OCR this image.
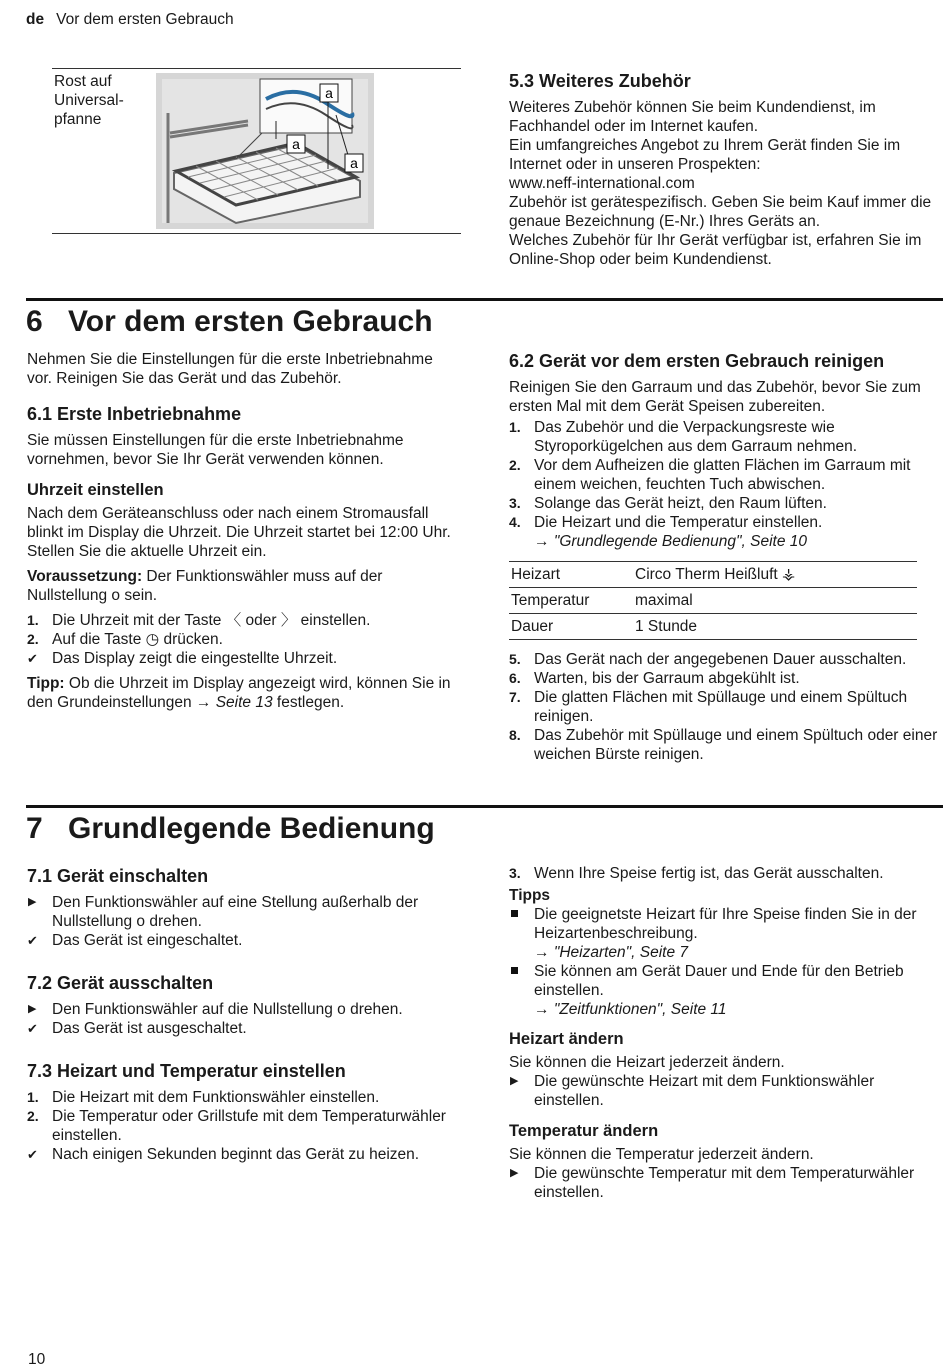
de Vor dem ersten Gebrauch
Rost auf Universal-pfanne
a
a
a
5.3 Weiteres Zubehör
Weiteres Zubehör können Sie beim Kundendienst, im Fachhandel oder im Internet kaufen.
Ein umfangreiches Angebot zu Ihrem Gerät finden Sie im Internet oder in unseren Prospekten:
www.neff-international.com
Zubehör ist gerätespezifisch. Geben Sie beim Kauf immer die genaue Bezeichnung (E-Nr.) Ihres Geräts an.
Welches Zubehör für Ihr Gerät verfügbar ist, erfahren Sie im Online-Shop oder beim Kundendienst.
6 Vor dem ersten Gebrauch

Nehmen Sie die Einstellungen für die erste Inbetriebnahme vor. Reinigen Sie das Gerät und das Zubehör.

6.1 Erste Inbetriebnahme

Sie müssen Einstellungen für die erste Inbetriebnahme vornehmen, bevor Sie Ihr Gerät verwenden können.

Uhrzeit einstellen

Nach dem Geräteanschluss oder nach einem Stromausfall blinkt im Display die Uhrzeit. Die Uhrzeit startet bei 12:00 Uhr. Stellen Sie die aktuelle Uhrzeit ein.

Voraussetzung: Der Funktionswähler muss auf der Nullstellung o sein.

1. Die Uhrzeit mit der Taste 〈 oder 〉 einstellen.
2. Auf die Taste ◷ drücken.
✔ Das Display zeigt die eingestellte Uhrzeit.

Tipp: Ob die Uhrzeit im Display angezeigt wird, können Sie in den Grundeinstellungen → Seite 13 festlegen.

6.2 Gerät vor dem ersten Gebrauch reinigen

Reinigen Sie den Garraum und das Zubehör, bevor Sie zum ersten Mal mit dem Gerät Speisen zubereiten.

1. Das Zubehör und die Verpackungsreste wie Styroporkügelchen aus dem Garraum nehmen.
2. Vor dem Aufheizen die glatten Flächen im Garraum mit einem weichen, feuchten Tuch abwischen.
3. Solange das Gerät heizt, den Raum lüften.
4. Die Heizart und die Temperatur einstellen.
→ "Grundlegende Bedienung", Seite 10
Heizart	Circo Therm Heißluft ⚶
Temperatur	maximal
Dauer	1 Stunde
5. Das Gerät nach der angegebenen Dauer ausschalten.
6. Warten, bis der Garraum abgekühlt ist.
7. Die glatten Flächen mit Spüllauge und einem Spültuch reinigen.
8. Das Zubehör mit Spüllauge und einem Spültuch oder einer weichen Bürste reinigen.
7 Grundlegende Bedienung
7.1 Gerät einschalten
▶ Den Funktionswähler auf eine Stellung außerhalb der Nullstellung o drehen.
✔ Das Gerät ist eingeschaltet.
7.2 Gerät ausschalten
▶ Den Funktionswähler auf die Nullstellung o drehen.
✔ Das Gerät ist ausgeschaltet.
7.3 Heizart und Temperatur einstellen
1. Die Heizart mit dem Funktionswähler einstellen.
2. Die Temperatur oder Grillstufe mit dem Temperaturwähler einstellen.
✔ Nach einigen Sekunden beginnt das Gerät zu heizen.
3. Wenn Ihre Speise fertig ist, das Gerät ausschalten.
Tipps
Die geeignetste Heizart für Ihre Speise finden Sie in der Heizartenbeschreibung.
→ "Heizarten", Seite 7
Sie können am Gerät Dauer und Ende für den Betrieb einstellen.
→ "Zeitfunktionen", Seite 11
Heizart ändern

Sie können die Heizart jederzeit ändern.

▶ Die gewünschte Heizart mit dem Funktionswähler einstellen.
Temperatur ändern

Sie können die Temperatur jederzeit ändern.

▶ Die gewünschte Temperatur mit dem Temperaturwähler einstellen.
10
